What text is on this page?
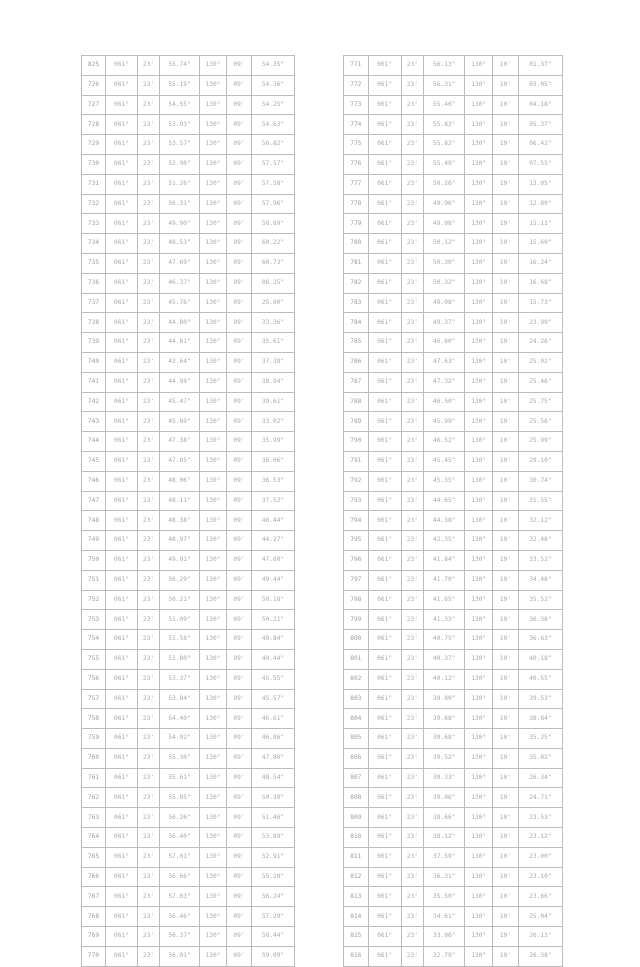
825	061°	23'	55.74"	130°	09'	54.35"
726	061°	23'	55.19"	130°	09'	54.36"
727	061°	23'	54.55"	130°	09'	54.25"
728	061°	23'	53.93"	130°	09'	54.63"
729	061°	23'	53.57"	130°	09'	56.82"
730	061°	23'	52.90"	130°	09'	57.57"
731	061°	23'	51.26"	130°	09'	57.58"
732	061°	23'	50.31"	130°	09'	57.96"
733	061°	23'	49.90"	130°	09'	58.69"
734	061°	23'	48.53"	130°	09'	60.22"
735	061°	23'	47.69"	130°	09'	60.73"
736	061°	23'	46.37"	130°	09'	06.25"
737	061°	23'	45.76"	130°	09'	25.00"
738	061°	23'	44.80"	130°	09'	33.36"
739	061°	23'	44.61"	130°	09'	35.61"
740	061°	23'	43.64"	130°	09'	37.38"
741	061°	23'	44.98"	130°	09'	38.94"
742	061°	23'	45.47"	130°	09'	39.61"
743	061°	23'	45.89"	130°	09'	33.02"
744	061°	23'	47.38"	130°	09'	35.99"
745	061°	23'	47.85"	130°	09'	36.06"
746	061°	23'	48.06"	130°	09'	36.53"
747	061°	23'	48.11"	130°	09'	37.52"
748	061°	23'	48.38"	130°	09'	40.44"
749	061°	23'	48.97"	130°	09'	44.27"
750	061°	23'	49.91"	130°	09'	47.60"
751	061°	23'	50.29"	130°	09'	49.44"
752	061°	23'	50.21"	130°	09'	50.18"
753	061°	23'	51.09"	130°	09'	50.21"
754	061°	23'	51.58"	130°	09'	49.84"
755	061°	23'	51.80"	130°	09'	49.44"
756	061°	23'	53.37"	130°	09'	45.55"
757	061°	23'	53.84"	130°	09'	45.57"
758	061°	23'	54.40"	130°	09'	46.61"
759	061°	23'	54.92"	130°	09'	46.86"
760	061°	23'	55.30"	130°	09'	47.80"
761	061°	23'	55.61"	130°	09'	48.54"
762	061°	23'	55.85"	130°	09'	50.30"
763	061°	23'	56.26"	130°	09'	51.46"
764	061°	23'	56.40"	130°	09'	53.89"
765	061°	23'	57.01"	130°	09'	52.91"
766	061°	23'	56.66"	130°	09'	55.20"
767	061°	23'	57.03"	130°	09'	56.24"
768	061°	23'	56.46"	130°	09'	57.29"
769	061°	23'	56.37"	130°	09'	58.44"
770	061°	23'	56.01"	130°	09'	59.09"
771	061°	23'	56.13"	130°	10'	01.37"
772	061°	23'	56.31"	130°	10'	03.05"
773	061°	23'	55.46"	130°	10'	04.18"
774	061°	23'	55.83"	130°	10'	05.37"
775	061°	23'	55.82"	130°	10'	06.42"
776	061°	23'	55.49"	130°	10'	07.55"
777	061°	23'	50.26"	130°	10'	13.05"
778	061°	23'	49.96"	130°	10'	12.80"
779	061°	23'	49.98"	130°	10'	15.11"
780	061°	23'	50.12"	130°	10'	15.60"
781	061°	23'	50.30"	130°	10'	16.24"
782	061°	23'	50.32"	130°	10'	16.68"
783	061°	23'	49.08"	130°	10'	15.73"
784	061°	23'	49.37"	130°	10'	23.99"
785	061°	23'	46.60"	130°	10'	24.26"
786	061°	23'	47.63"	130°	10'	25.02"
787	061°	23'	47.32"	130°	10'	25.46"
788	061°	23'	46.50"	130°	10'	25.75"
789	061°	23'	45.99"	130°	10'	25.56"
790	061°	23'	46.52"	130°	10'	25.99"
791	061°	23'	45.45"	130°	10'	29.10"
792	061°	23'	45.35"	130°	10'	30.74"
793	061°	23'	44.65"	130°	10'	31.55"
794	061°	23'	44.38"	130°	10'	32.12"
795	061°	23'	42.35"	130°	10'	32.46"
796	061°	23'	41.84"	130°	10'	33.52"
797	061°	23'	41.70"	130°	10'	34.46"
798	061°	23'	41.65"	130°	10'	35.52"
799	061°	23'	41.33"	130°	10'	36.36"
800	061°	23'	40.75"	130°	10'	36.63"
801	061°	23'	40.37"	130°	10'	40.18"
802	061°	23'	40.12"	130°	10'	40.55"
803	061°	23'	39.80"	130°	10'	39.53"
804	061°	23'	39.68"	130°	10'	38.84"
805	061°	23'	39.68"	130°	10'	35.25"
806	061°	23'	39.52"	130°	10'	35.02"
807	061°	23'	39.33"	130°	10'	26.34"
808	061°	23'	39.06"	130°	10'	24.71"
809	061°	23'	38.66"	130°	10'	23.53"
810	061°	23'	38.12"	130°	10'	23.12"
811	061°	23'	37.59"	130°	10'	23.00"
812	061°	23'	36.31"	130°	10'	23.10"
813	061°	23'	35.50"	130°	10'	23.66"
814	061°	23'	34.61"	130°	10'	25.04"
815	061°	23'	33.96"	130°	10'	26.13"
816	061°	23'	32.79"	130°	10'	26.38"
